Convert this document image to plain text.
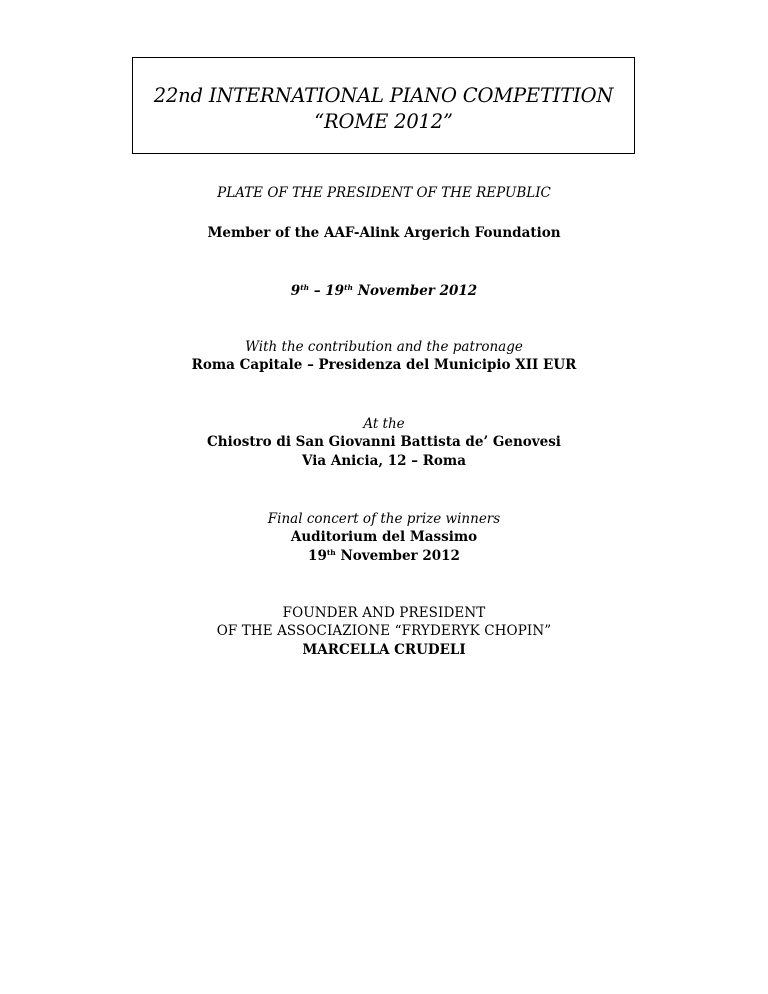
22nd INTERNATIONAL PIANO COMPETITION
“ROME 2012”
PLATE OF THE PRESIDENT OF THE REPUBLIC
Member of the AAF-Alink Argerich Foundation
9th – 19th November 2012
With the contribution and the patronage
Roma Capitale – Presidenza del Municipio XII EUR
At the
Chiostro di San Giovanni Battista de’ Genovesi
Via Anicia, 12 – Roma
Final concert of the prize winners
Auditorium del Massimo
19th November 2012
FOUNDER AND PRESIDENT
OF THE ASSOCIAZIONE “FRYDERYK CHOPIN”
MARCELLA CRUDELI
